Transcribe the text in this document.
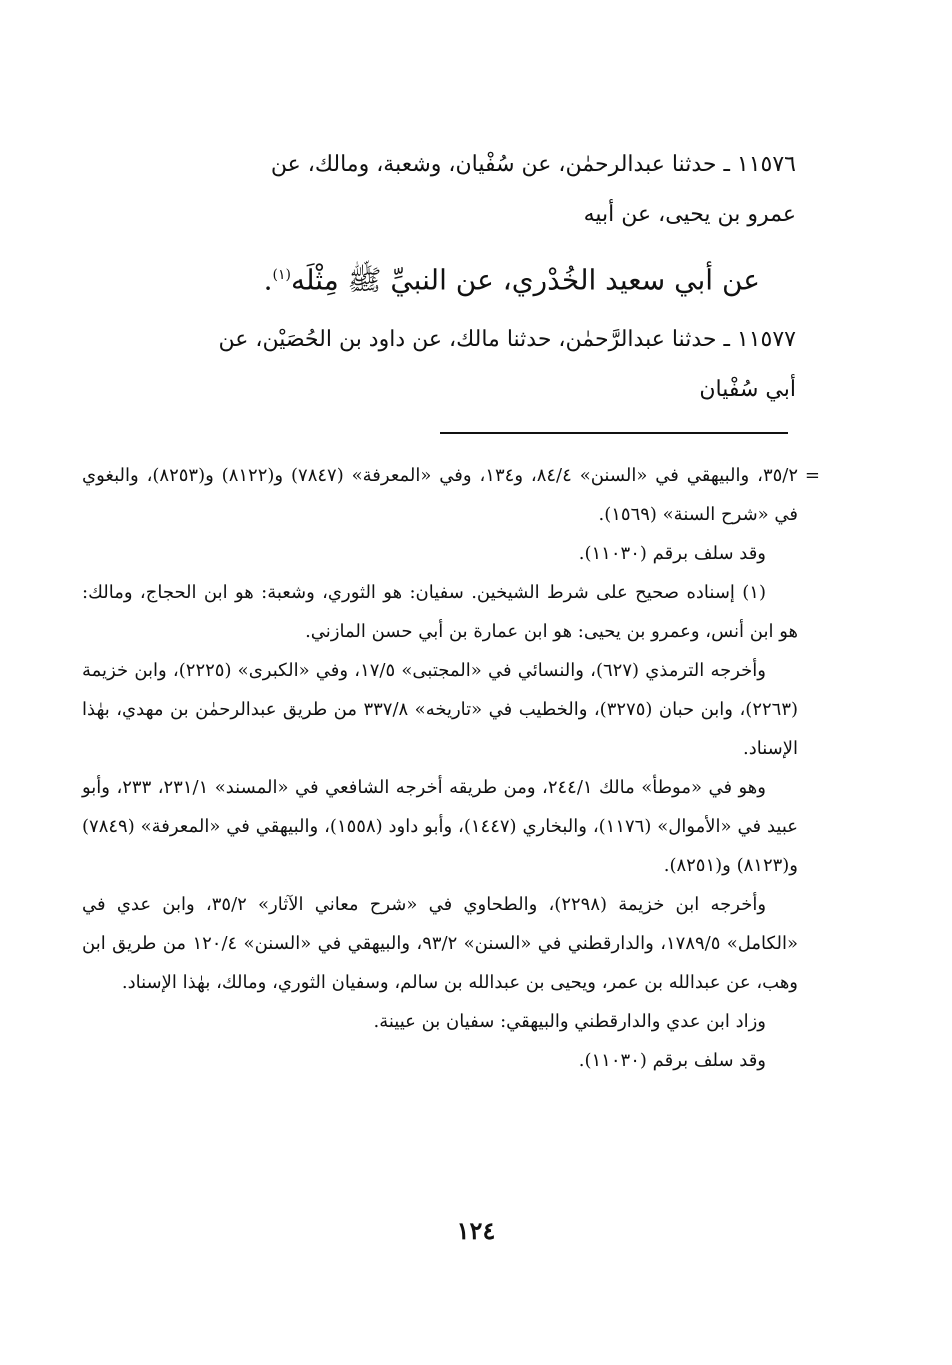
١١٥٧٦ ـ حدثنا عبدالرحمٰن، عن سُفْيان، وشعبة، ومالك، عن
عمرو بن يحيى، عن أبيه
عن أبي سعيد الخُدْري، عن النبيِّ ﷺ مِثْلَه$^{(١)}$.

١١٥٧٧ ـ حدثنا عبدالرَّحمٰن، حدثنا مالك، عن داود بن الحُصَيْن، عن
أبي سُفْيان

=

٣٥/٢، والبيهقي في «السنن» ٨٤/٤، و١٣٤، وفي «المعرفة» (٧٨٤٧) و(٨١٢٢) و(٨٢٥٣)، والبغوي في «شرح السنة» (١٥٦٩).

وقد سلف برقم (١١٠٣٠).

(١) إسناده صحيح على شرط الشيخين. سفيان: هو الثوري، وشعبة: هو ابن الحجاج، ومالك: هو ابن أنس، وعمرو بن يحيى: هو ابن عمارة بن أبي حسن المازني.

وأخرجه الترمذي (٦٢٧)، والنسائي في «المجتبى» ١٧/٥، وفي «الكبرى» (٢٢٢٥)، وابن خزيمة (٢٢٦٣)، وابن حبان (٣٢٧٥)، والخطيب في «تاريخه» ٣٣٧/٨ من طريق عبدالرحمٰن بن مهدي، بهٰذا الإسناد.

وهو في «موطأ» مالك ٢٤٤/١، ومن طريقه أخرجه الشافعي في «المسند» ٢٣١/١، ٢٣٣، وأبو عبيد في «الأموال» (١١٧٦)، والبخاري (١٤٤٧)، وأبو داود (١٥٥٨)، والبيهقي في «المعرفة» (٧٨٤٩) و(٨١٢٣) و(٨٢٥١).

وأخرجه ابن خزيمة (٢٢٩٨)، والطحاوي في «شرح معاني الآثار» ٣٥/٢، وابن عدي في «الكامل» ١٧٨٩/٥، والدارقطني في «السنن» ٩٣/٢، والبيهقي في «السنن» ١٢٠/٤ من طريق ابن وهب، عن عبدالله بن عمر، ويحيى بن عبدالله بن سالم، وسفيان الثوري، ومالك، بهٰذا الإسناد.

وزاد ابن عدي والدارقطني والبيهقي: سفيان بن عيينة.

وقد سلف برقم (١١٠٣٠).

١٢٤
